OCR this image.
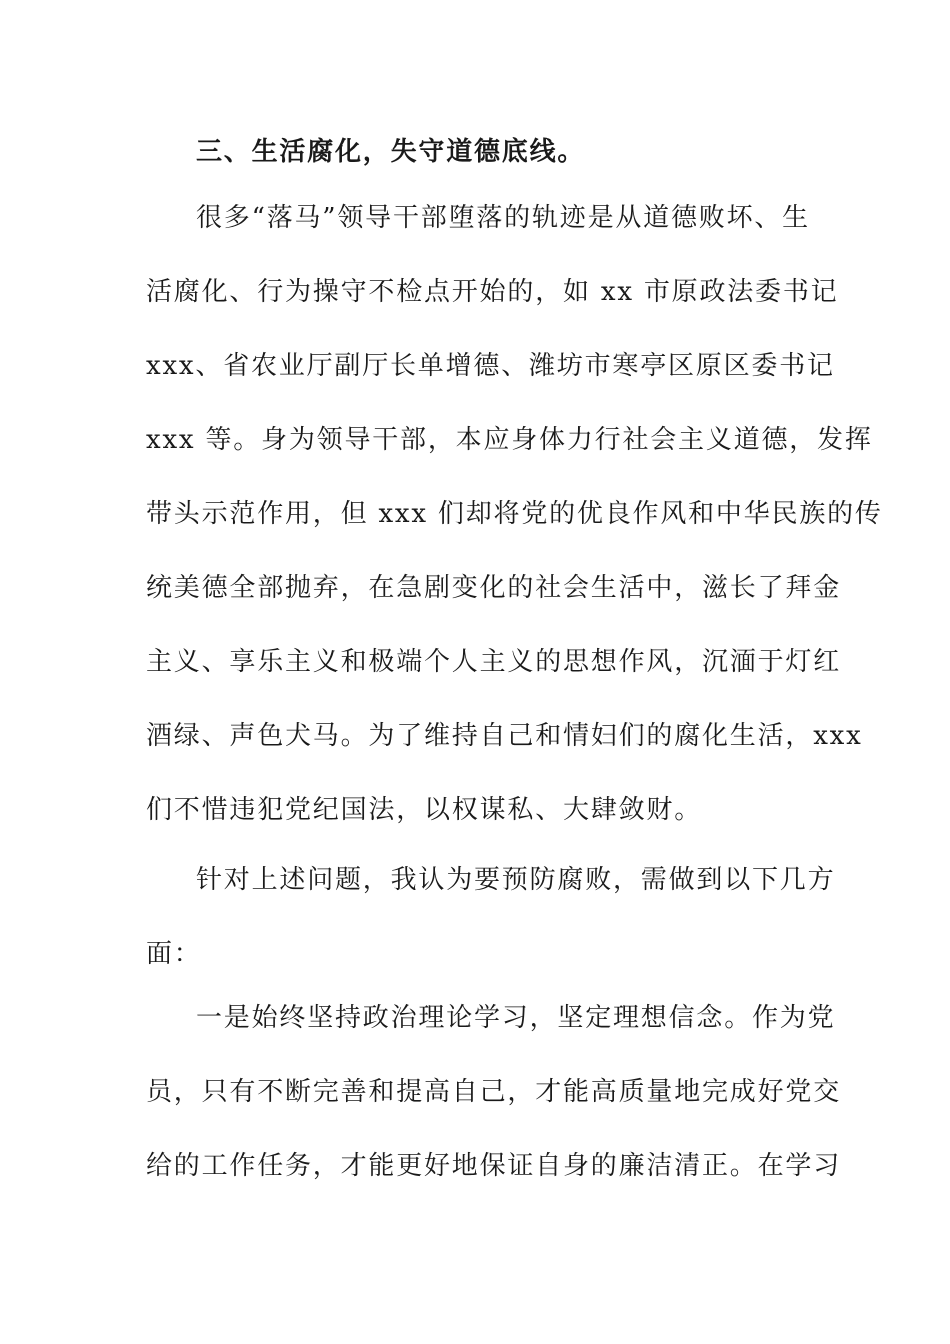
三、生活腐化，失守道德底线。
很多“落马”领导干部堕落的轨迹是从道德败坏、生
活腐化、行为操守不检点开始的，如 xx 市原政法委书记
xxx、省农业厅副厅长单增德、潍坊市寒亭区原区委书记
xxx 等。身为领导干部，本应身体力行社会主义道德，发挥
带头示范作用，但 xxx 们却将党的优良作风和中华民族的传
统美德全部抛弃，在急剧变化的社会生活中，滋长了拜金
主义、享乐主义和极端个人主义的思想作风，沉湎于灯红
酒绿、声色犬马。为了维持自己和情妇们的腐化生活，xxx
们不惜违犯党纪国法，以权谋私、大肆敛财。
针对上述问题，我认为要预防腐败，需做到以下几方
面：
一是始终坚持政治理论学习，坚定理想信念。作为党
员，只有不断完善和提高自己，才能高质量地完成好党交
给的工作任务，才能更好地保证自身的廉洁清正。在学习
